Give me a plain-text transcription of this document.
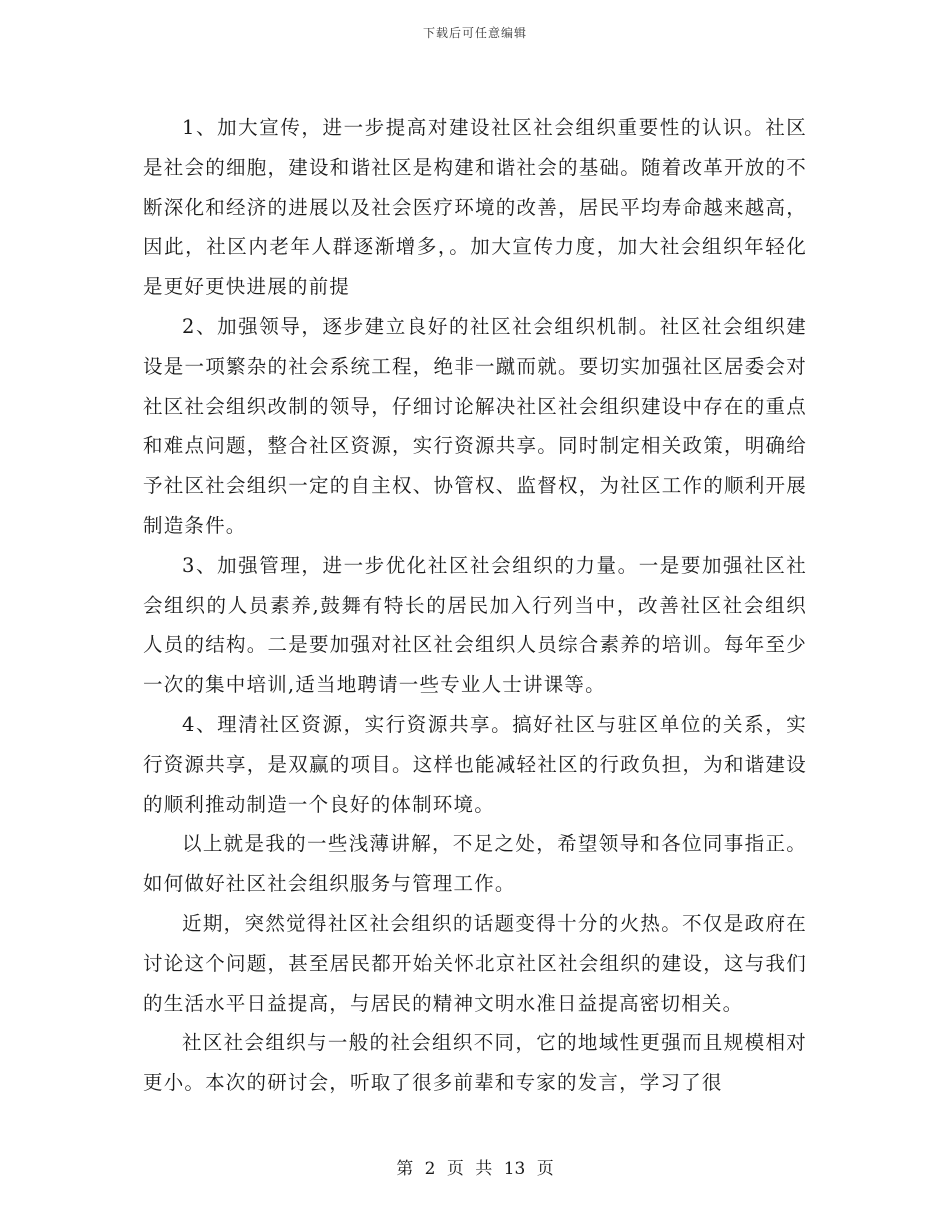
下载后可任意编辑

1、加大宣传，进一步提高对建设社区社会组织重要性的认识。社区是社会的细胞，建设和谐社区是构建和谐社会的基础。随着改革开放的不断深化和经济的进展以及社会医疗环境的改善，居民平均寿命越来越高，因此，社区内老年人群逐渐增多，。加大宣传力度，加大社会组织年轻化是更好更快进展的前提

2、加强领导，逐步建立良好的社区社会组织机制。社区社会组织建设是一项繁杂的社会系统工程，绝非一蹴而就。要切实加强社区居委会对社区社会组织改制的领导，仔细讨论解决社区社会组织建设中存在的重点和难点问题，整合社区资源，实行资源共享。同时制定相关政策，明确给予社区社会组织一定的自主权、协管权、监督权，为社区工作的顺利开展制造条件。

3、加强管理，进一步优化社区社会组织的力量。一是要加强社区社会组织的人员素养,鼓舞有特长的居民加入行列当中，改善社区社会组织人员的结构。二是要加强对社区社会组织人员综合素养的培训。每年至少一次的集中培训,适当地聘请一些专业人士讲课等。

4、理清社区资源，实行资源共享。搞好社区与驻区单位的关系，实行资源共享，是双赢的项目。这样也能减轻社区的行政负担，为和谐建设的顺利推动制造一个良好的体制环境。

以上就是我的一些浅薄讲解，不足之处，希望领导和各位同事指正。如何做好社区社会组织服务与管理工作。

近期，突然觉得社区社会组织的话题变得十分的火热。不仅是政府在讨论这个问题，甚至居民都开始关怀北京社区社会组织的建设，这与我们的生活水平日益提高，与居民的精神文明水准日益提高密切相关。

社区社会组织与一般的社会组织不同，它的地域性更强而且规模相对更小。本次的研讨会，听取了很多前辈和专家的发言，学习了很

第 2 页 共 13 页
